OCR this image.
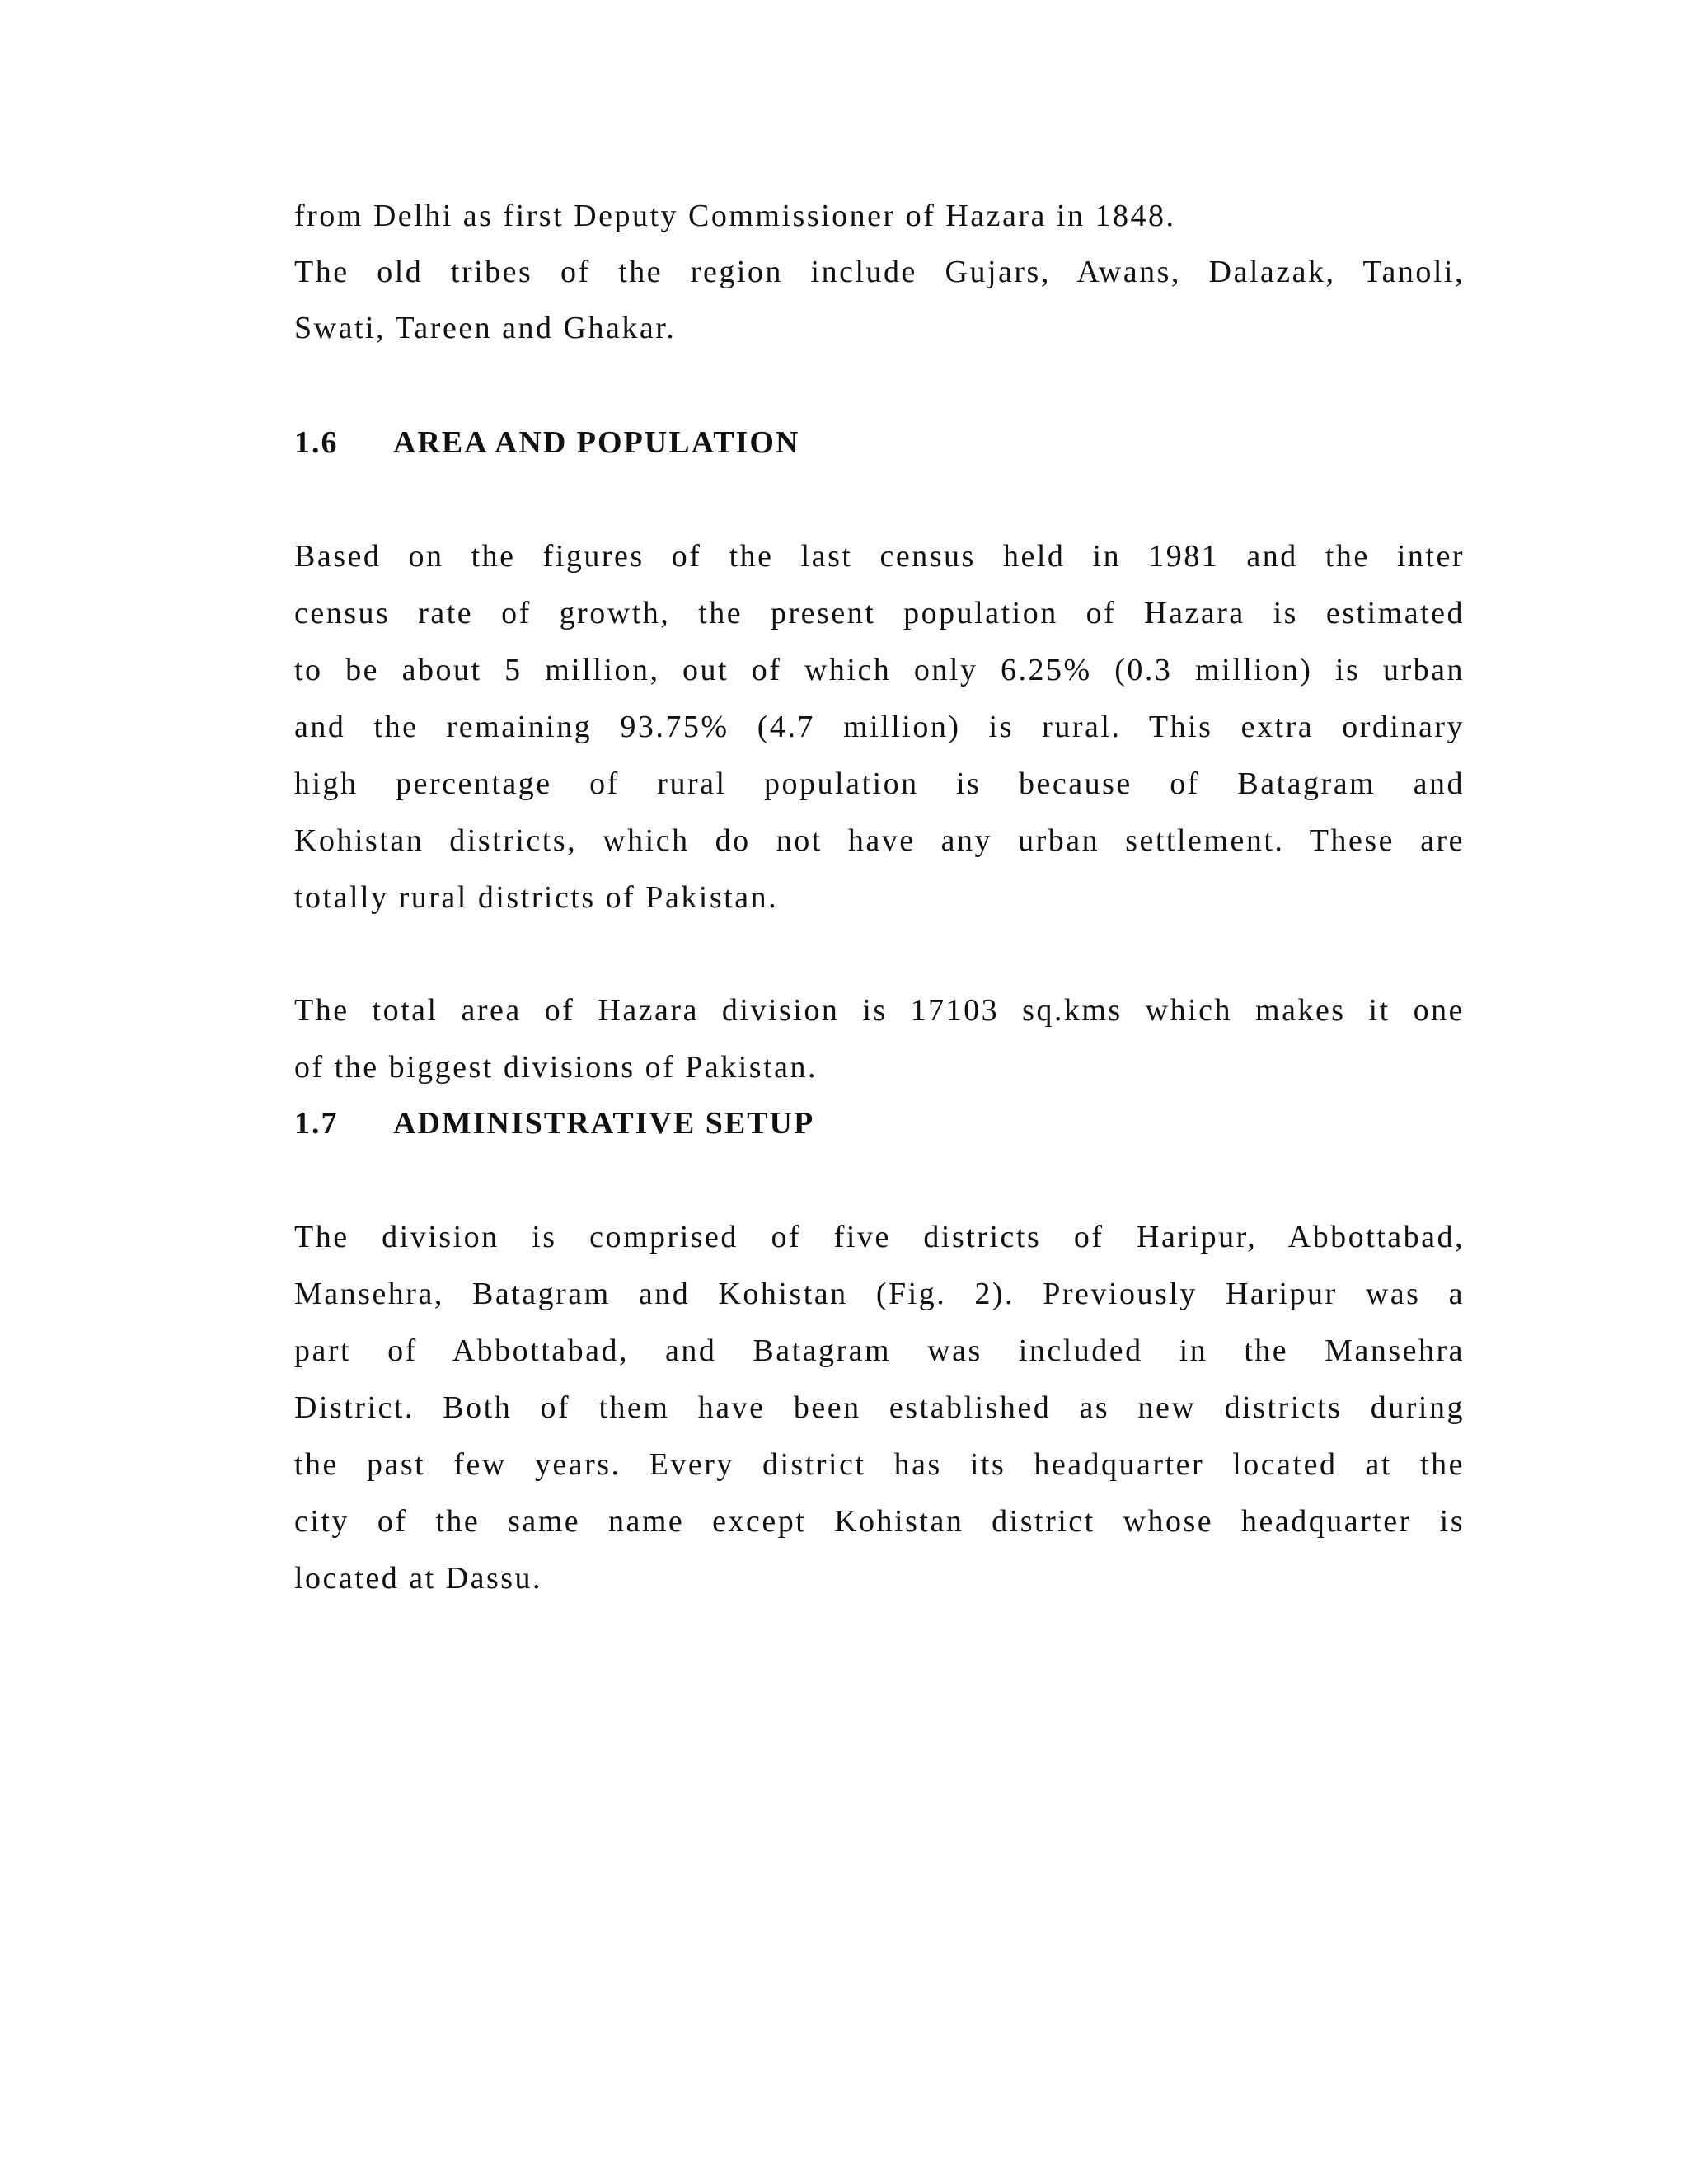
from Delhi as first Deputy Commissioner of Hazara in 1848.
The old tribes of the region include Gujars, Awans, Dalazak, Tanoli,
Swati, Tareen and Ghakar.
1.6 AREA AND POPULATION
Based on the figures of the last census held in 1981 and the inter
census rate of growth, the present population of Hazara is estimated
to be about 5 million, out of which only 6.25% (0.3 million) is urban
and the remaining 93.75% (4.7 million) is rural. This extra ordinary
high percentage of rural population is because of Batagram and
Kohistan districts, which do not have any urban settlement. These are
totally rural districts of Pakistan.
The total area of Hazara division is 17103 sq.kms which makes it one
of the biggest divisions of Pakistan.
1.7 ADMINISTRATIVE SETUP
The division is comprised of five districts of Haripur, Abbottabad,
Mansehra, Batagram and Kohistan (Fig. 2). Previously Haripur was a
part of Abbottabad, and Batagram was included in the Mansehra
District. Both of them have been established as new districts during
the past few years. Every district has its headquarter located at the
city of the same name except Kohistan district whose headquarter is
located at Dassu.
